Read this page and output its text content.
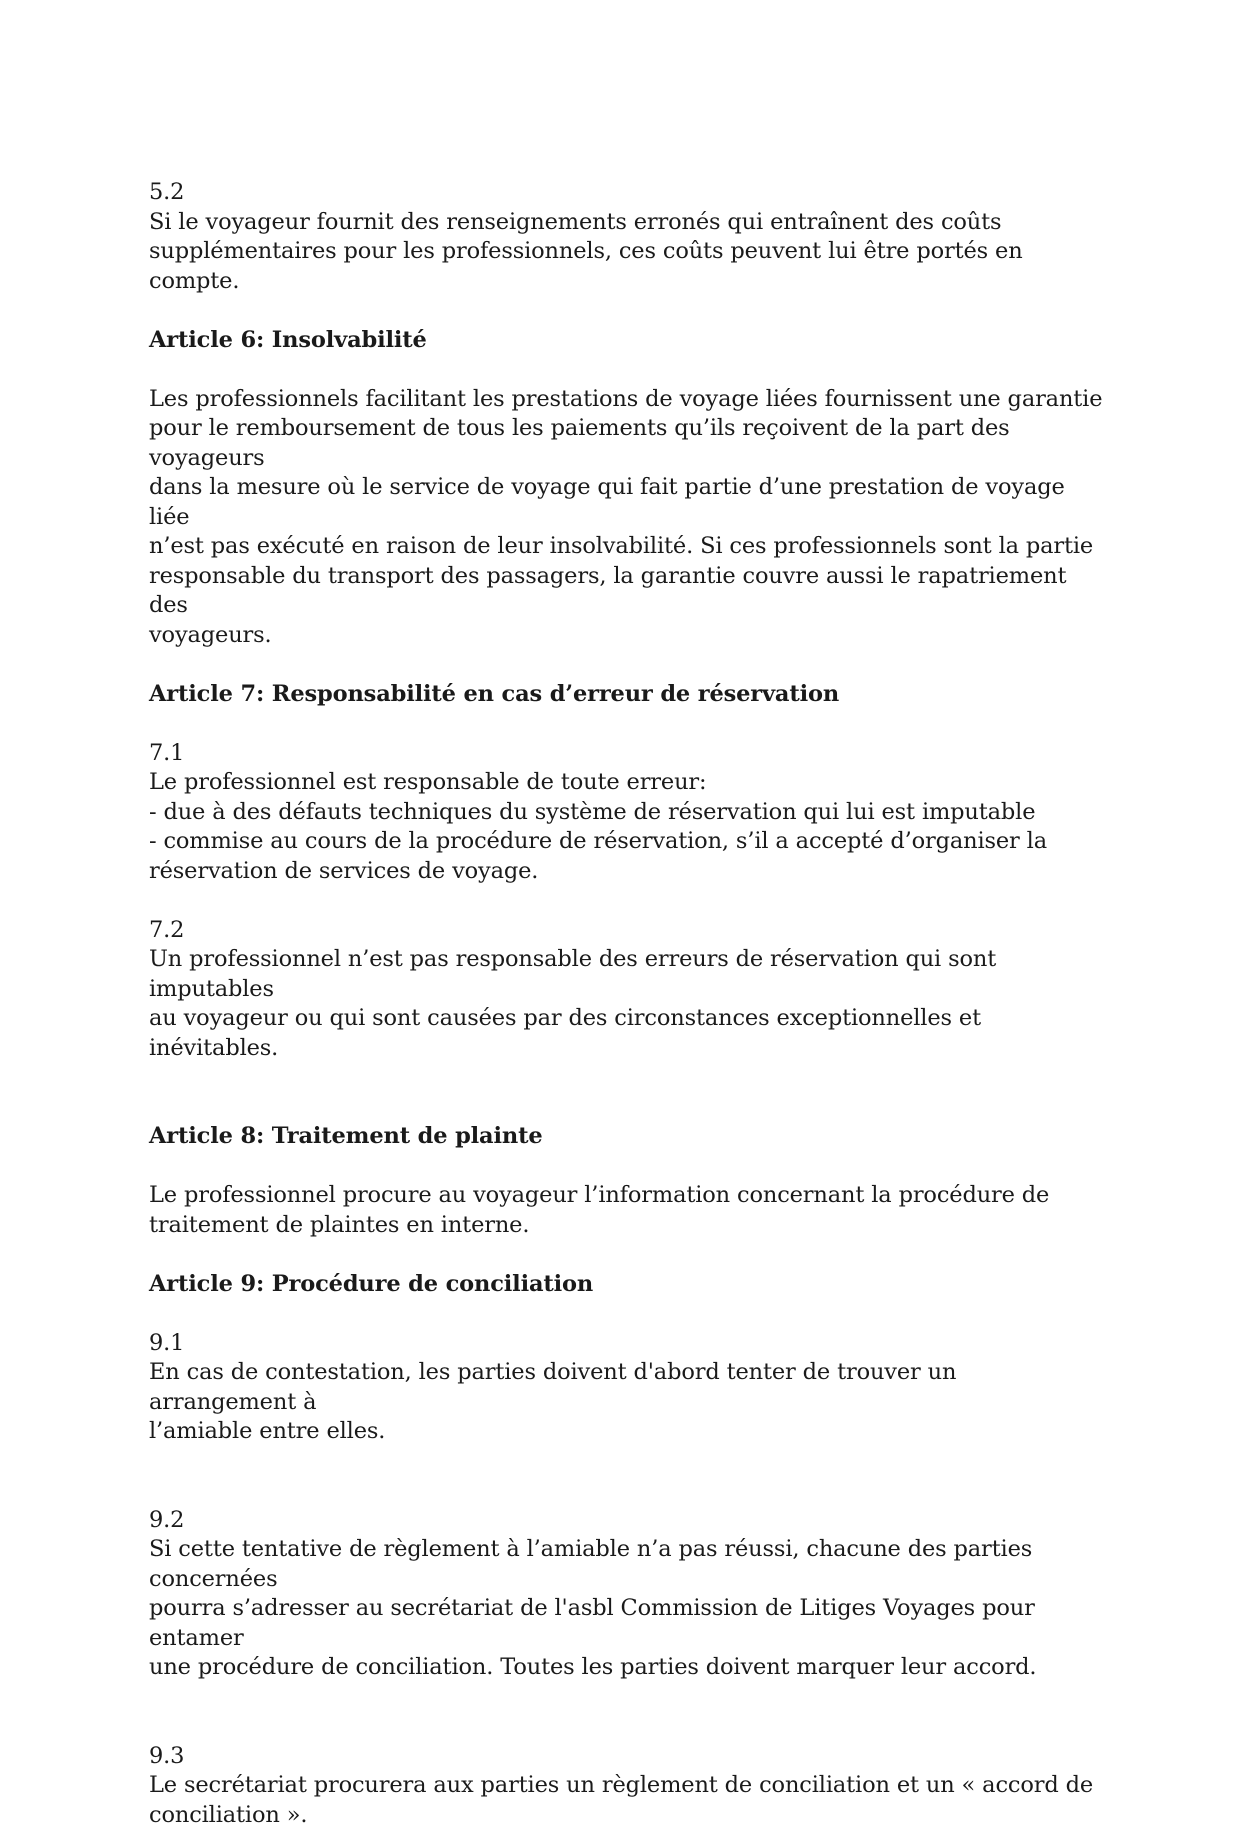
5.2

Si le voyageur fournit des renseignements erronés qui entraînent des coûts
supplémentaires pour les professionnels, ces coûts peuvent lui être portés en compte.

Article 6: Insolvabilité

Les professionnels facilitant les prestations de voyage liées fournissent une garantie
pour le remboursement de tous les paiements qu’ils reçoivent de la part des voyageurs
dans la mesure où le service de voyage qui fait partie d’une prestation de voyage liée
n’est pas exécuté en raison de leur insolvabilité. Si ces professionnels sont la partie
responsable du transport des passagers, la garantie couvre aussi le rapatriement des
voyageurs.

Article 7: Responsabilité en cas d’erreur de réservation

7.1

Le professionnel est responsable de toute erreur:
- due à des défauts techniques du système de réservation qui lui est imputable
- commise au cours de la procédure de réservation, s’il a accepté d’organiser la
réservation de services de voyage.

7.2

Un professionnel n’est pas responsable des erreurs de réservation qui sont imputables
au voyageur ou qui sont causées par des circonstances exceptionnelles et inévitables.

Article 8: Traitement de plainte

Le professionnel procure au voyageur l’information concernant la procédure de
traitement de plaintes en interne.

Article 9: Procédure de conciliation

9.1

En cas de contestation, les parties doivent d'abord tenter de trouver un arrangement à
l’amiable entre elles.

9.2

Si cette tentative de règlement à l’amiable n’a pas réussi, chacune des parties concernées
pourra s’adresser au secrétariat de l'asbl Commission de Litiges Voyages pour entamer
une procédure de conciliation. Toutes les parties doivent marquer leur accord.

9.3

Le secrétariat procurera aux parties un règlement de conciliation et un « accord de
conciliation ».
